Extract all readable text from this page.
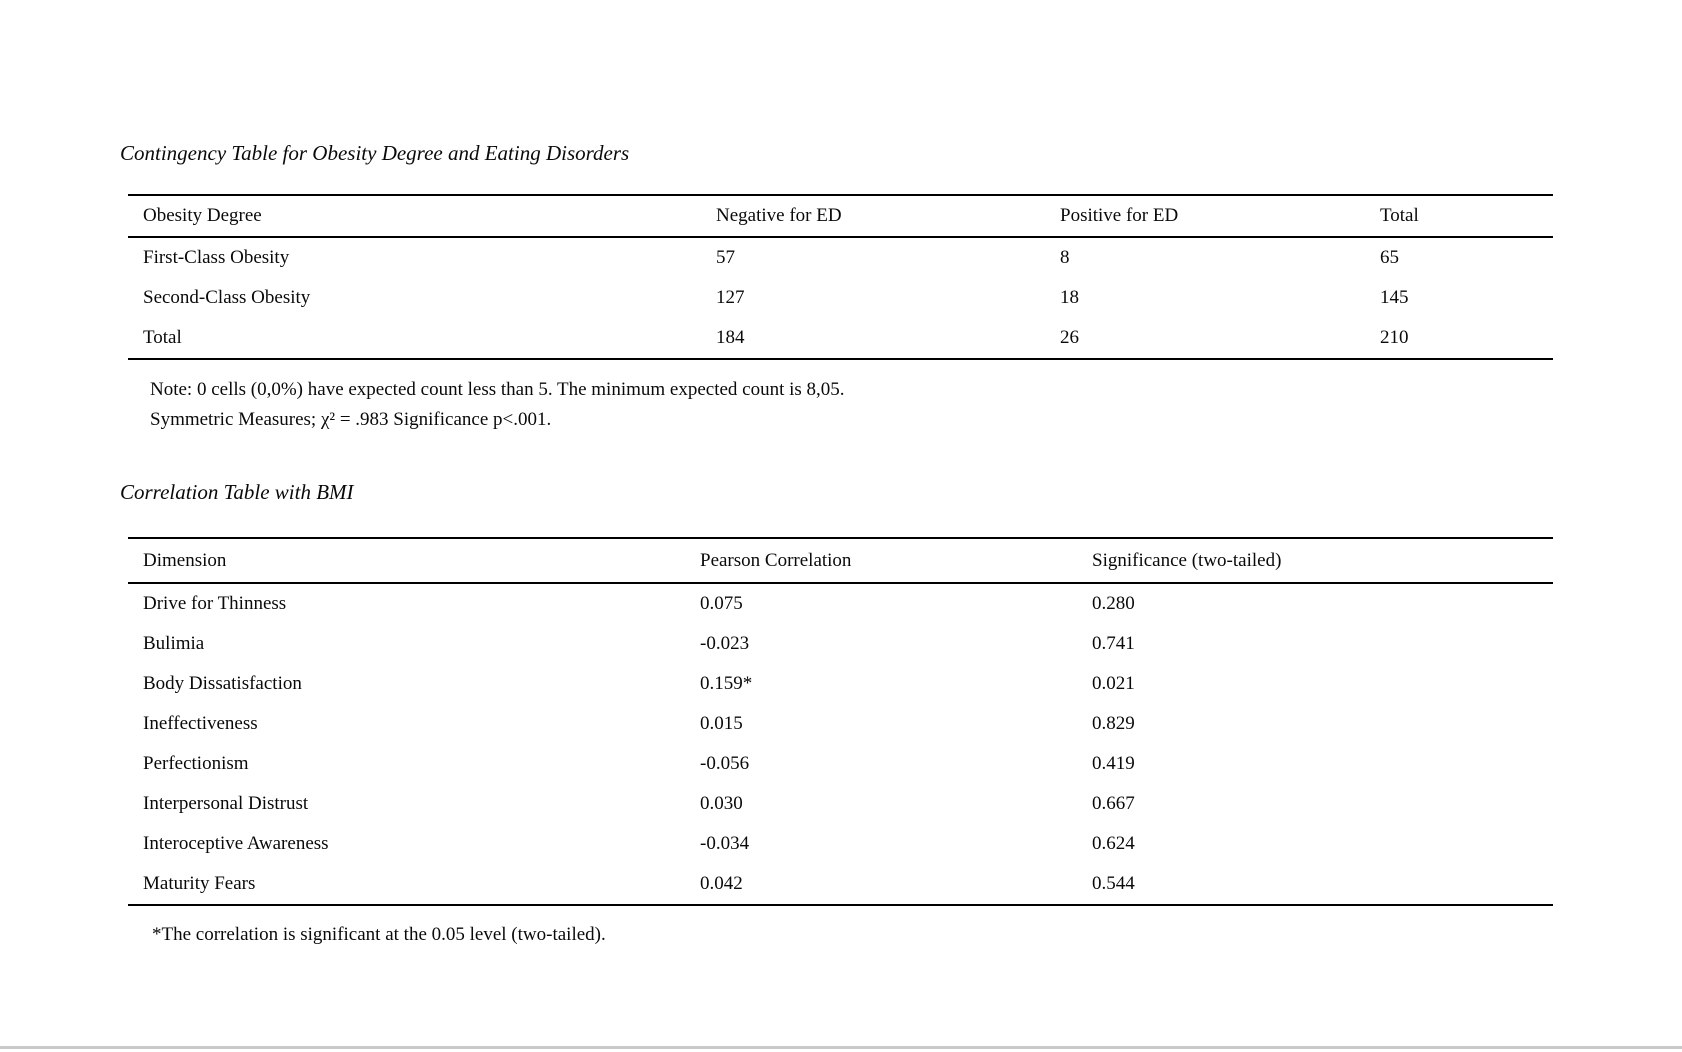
Contingency Table for Obesity Degree and Eating Disorders
Obesity Degree	Negative for ED	Positive for ED	Total
First-Class Obesity	57	8	65
Second-Class Obesity	127	18	145
Total	184	26	210
Note: 0 cells (0,0%) have expected count less than 5. The minimum expected count is 8,05.
Symmetric Measures; χ² = .983 Significance p<.001.
Correlation Table with BMI
Dimension	Pearson Correlation	Significance (two-tailed)
Drive for Thinness	0.075	0.280
Bulimia	-0.023	0.741
Body Dissatisfaction	0.159*	0.021
Ineffectiveness	0.015	0.829
Perfectionism	-0.056	0.419
Interpersonal Distrust	0.030	0.667
Interoceptive Awareness	-0.034	0.624
Maturity Fears	0.042	0.544
*The correlation is significant at the 0.05 level (two-tailed).
